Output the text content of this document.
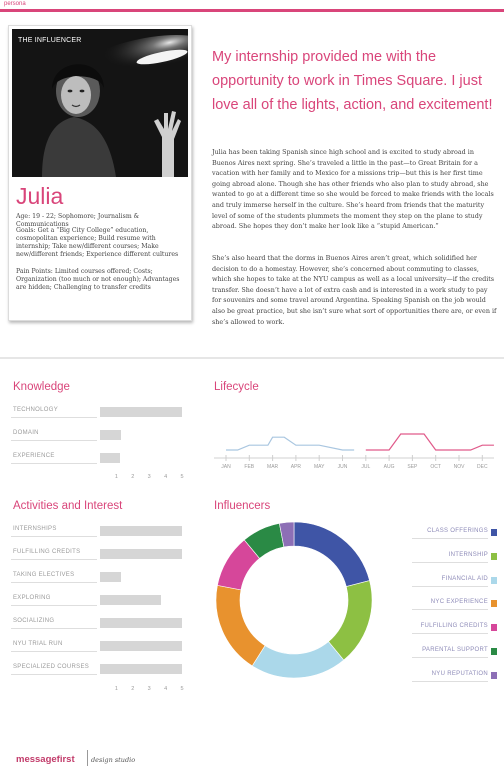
persona
THE INFLUENCER
Julia
Age: 19 - 22; Sophomore; Journalism & Communications
Goals: Get a “Big City College” education, cosmopolitan experience; Build resume with internship; Take new/different courses; Make new/different friends; Experience different cultures
Pain Points: Limited courses offered; Costs; Organization (too much or not enough); Advantages are hidden; Challenging to transfer credits
My internship provided me with the opportunity to work in Times Square. I just love all of the lights, action, and excitement!
Julia has been taking Spanish since high school and is excited to study abroad in Buenos Aires next spring. She’s traveled a little in the past—to Great Britain for a vacation with her family and to Mexico for a missions trip—but this is her first time going abroad alone. Though she has other friends who also plan to study abroad, she wanted to go at a different time so she would be forced to make friends with the locals and truly immerse herself in the culture. She’s heard from friends that the maturity level of some of the students plummets the moment they step on the plane to study abroad. She hopes they don’t make her look like a “stupid American.”
She’s also heard that the dorms in Buenos Aires aren’t great, which solidified her decision to do a homestay. However, she’s concerned about commuting to classes, which she hopes to take at the NYU campus as well as a local university—if the credits transfer. She doesn’t have a lot of extra cash and is interested in a work study to pay for souvenirs and some travel around Argentina. Speaking Spanish on the job would also be great practice, but she isn’t sure what sort of opportunities there are, or even if she’s allowed to work.
Knowledge
TECHNOLOGY
DOMAIN
EXPERIENCE
1	2	3	4	5
Lifecycle
JAN	FEB	MAR	APR	MAY	JUN	JUL	AUG	SEP	OCT	NOV	DEC
Activities and Interest
INTERNSHIPS
FULFILLING CREDITS
TAKING ELECTIVES
EXPLORING
SOCIALIZING
NYU TRIAL RUN
SPECIALIZED COURSES
1	2	3	4	5
Influencers
CLASS OFFERINGS
INTERNSHIP
FINANCIAL AID
NYC EXPERIENCE
FULFILLING CREDITS
PARENTAL SUPPORT
NYU REPUTATION
messagefirst	design studio
